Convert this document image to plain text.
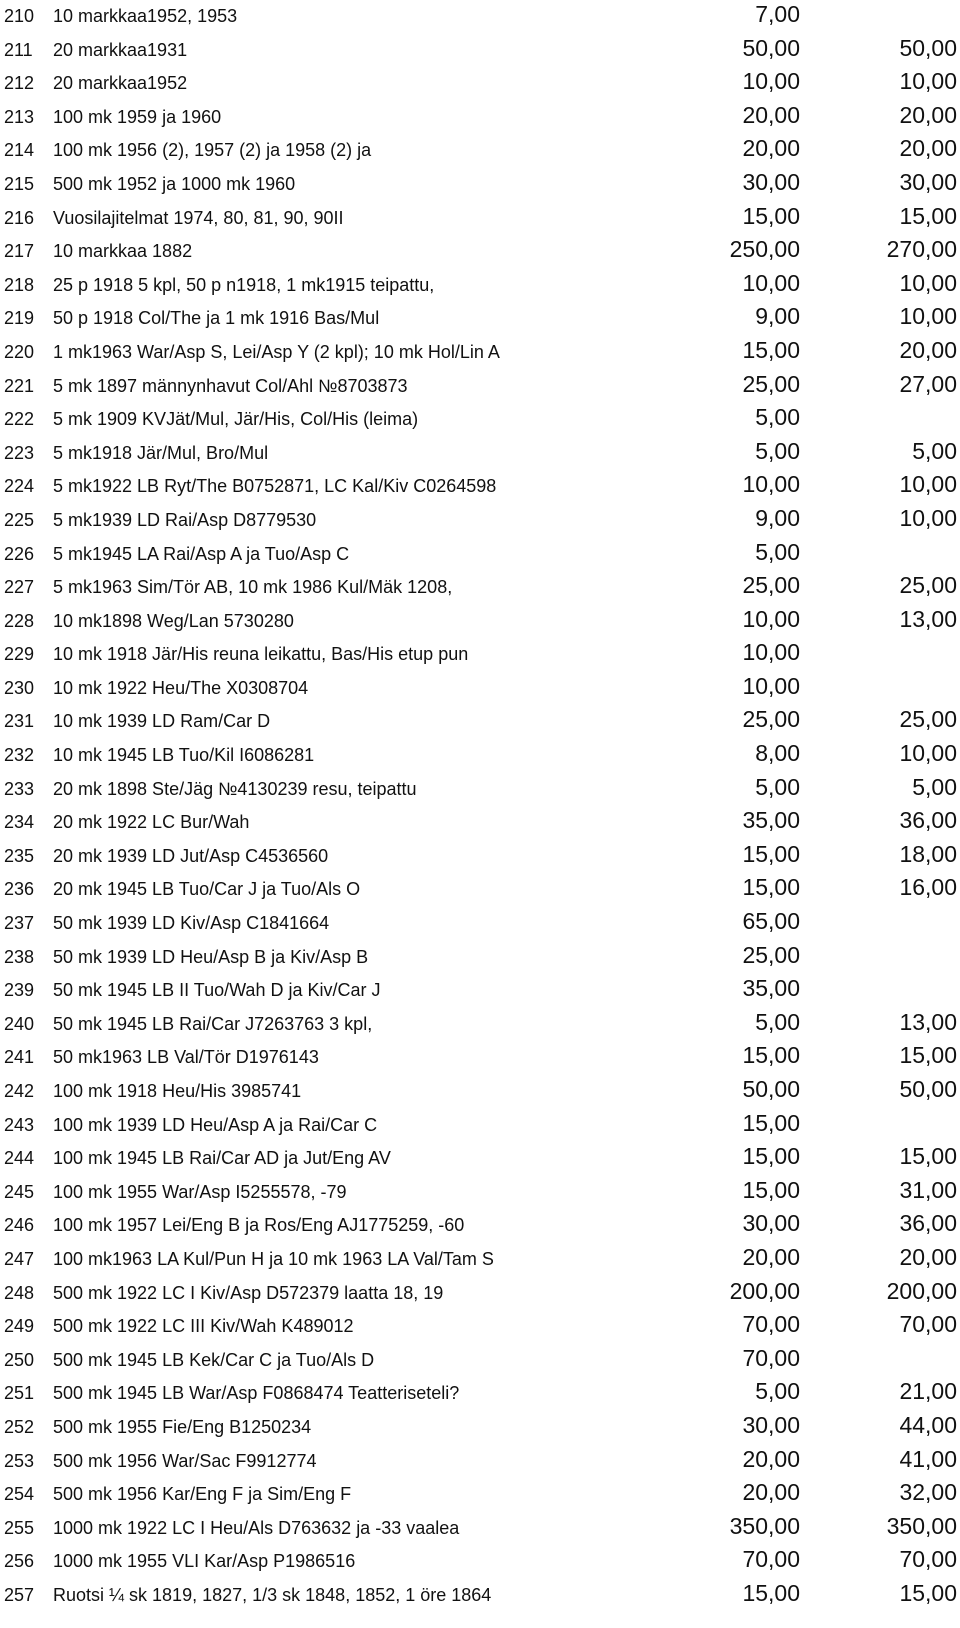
210 10 markkaa1952, 1953	7,00
211 20 markkaa1931	50,00	50,00
212 20 markkaa1952	10,00	10,00
213 100 mk 1959 ja 1960	20,00	20,00
214 100 mk 1956 (2), 1957 (2) ja 1958 (2) ja	20,00	20,00
215 500 mk 1952 ja 1000 mk 1960	30,00	30,00
216 Vuosilajitelmat 1974, 80, 81, 90, 90II	15,00	15,00
217 10 markkaa 1882	250,00	270,00
218 25 p 1918 5 kpl, 50 p n1918, 1 mk1915 teipattu,	10,00	10,00
219 50 p 1918 Col/The ja 1 mk 1916 Bas/Mul	9,00	10,00
220 1 mk1963 War/Asp S, Lei/Asp Y (2 kpl); 10 mk Hol/Lin A	15,00	20,00
221 5 mk 1897 männynhavut Col/Ahl №8703873	25,00	27,00
222 5 mk 1909 KVJät/Mul, Jär/His, Col/His (leima)	5,00
223 5 mk1918 Jär/Mul, Bro/Mul	5,00	5,00
224 5 mk1922 LB Ryt/The B0752871, LC Kal/Kiv C0264598	10,00	10,00
225 5 mk1939 LD Rai/Asp D8779530	9,00	10,00
226 5 mk1945 LA Rai/Asp A ja Tuo/Asp C	5,00
227 5 mk1963 Sim/Tör AB, 10 mk 1986 Kul/Mäk 1208,	25,00	25,00
228 10 mk1898 Weg/Lan 5730280	10,00	13,00
229 10 mk 1918 Jär/His reuna leikattu, Bas/His etup pun	10,00
230 10 mk 1922 Heu/The X0308704	10,00
231 10 mk 1939 LD Ram/Car D	25,00	25,00
232 10 mk 1945 LB Tuo/Kil I6086281	8,00	10,00
233 20 mk 1898 Ste/Jäg №4130239 resu, teipattu	5,00	5,00
234 20 mk 1922 LC Bur/Wah	35,00	36,00
235 20 mk 1939 LD Jut/Asp C4536560	15,00	18,00
236 20 mk 1945 LB Tuo/Car J ja Tuo/Als O	15,00	16,00
237 50 mk 1939 LD Kiv/Asp C1841664	65,00
238 50 mk 1939 LD Heu/Asp B ja Kiv/Asp B	25,00
239 50 mk 1945 LB II Tuo/Wah D ja Kiv/Car J	35,00
240 50 mk 1945 LB Rai/Car J7263763 3 kpl,	5,00	13,00
241 50 mk1963 LB Val/Tör D1976143	15,00	15,00
242 100 mk 1918 Heu/His 3985741	50,00	50,00
243 100 mk 1939 LD Heu/Asp A ja Rai/Car C	15,00
244 100 mk 1945 LB Rai/Car AD ja Jut/Eng AV	15,00	15,00
245 100 mk 1955 War/Asp I5255578, -79	15,00	31,00
246 100 mk 1957 Lei/Eng B ja Ros/Eng AJ1775259, -60	30,00	36,00
247 100 mk1963 LA Kul/Pun H ja 10 mk 1963 LA Val/Tam S	20,00	20,00
248 500 mk 1922 LC I Kiv/Asp D572379 laatta 18, 19	200,00	200,00
249 500 mk 1922 LC III Kiv/Wah K489012	70,00	70,00
250 500 mk 1945 LB Kek/Car C ja Tuo/Als D	70,00
251 500 mk 1945 LB War/Asp F0868474 Teatteriseteli?	5,00	21,00
252 500 mk 1955 Fie/Eng B1250234	30,00	44,00
253 500 mk 1956 War/Sac F9912774	20,00	41,00
254 500 mk 1956 Kar/Eng F ja Sim/Eng F	20,00	32,00
255 1000 mk 1922 LC I Heu/Als D763632 ja -33 vaalea	350,00	350,00
256 1000 mk 1955 VLI Kar/Asp P1986516	70,00	70,00
257 Ruotsi ¼ sk 1819, 1827, 1/3 sk 1848, 1852, 1 öre 1864	15,00	15,00
